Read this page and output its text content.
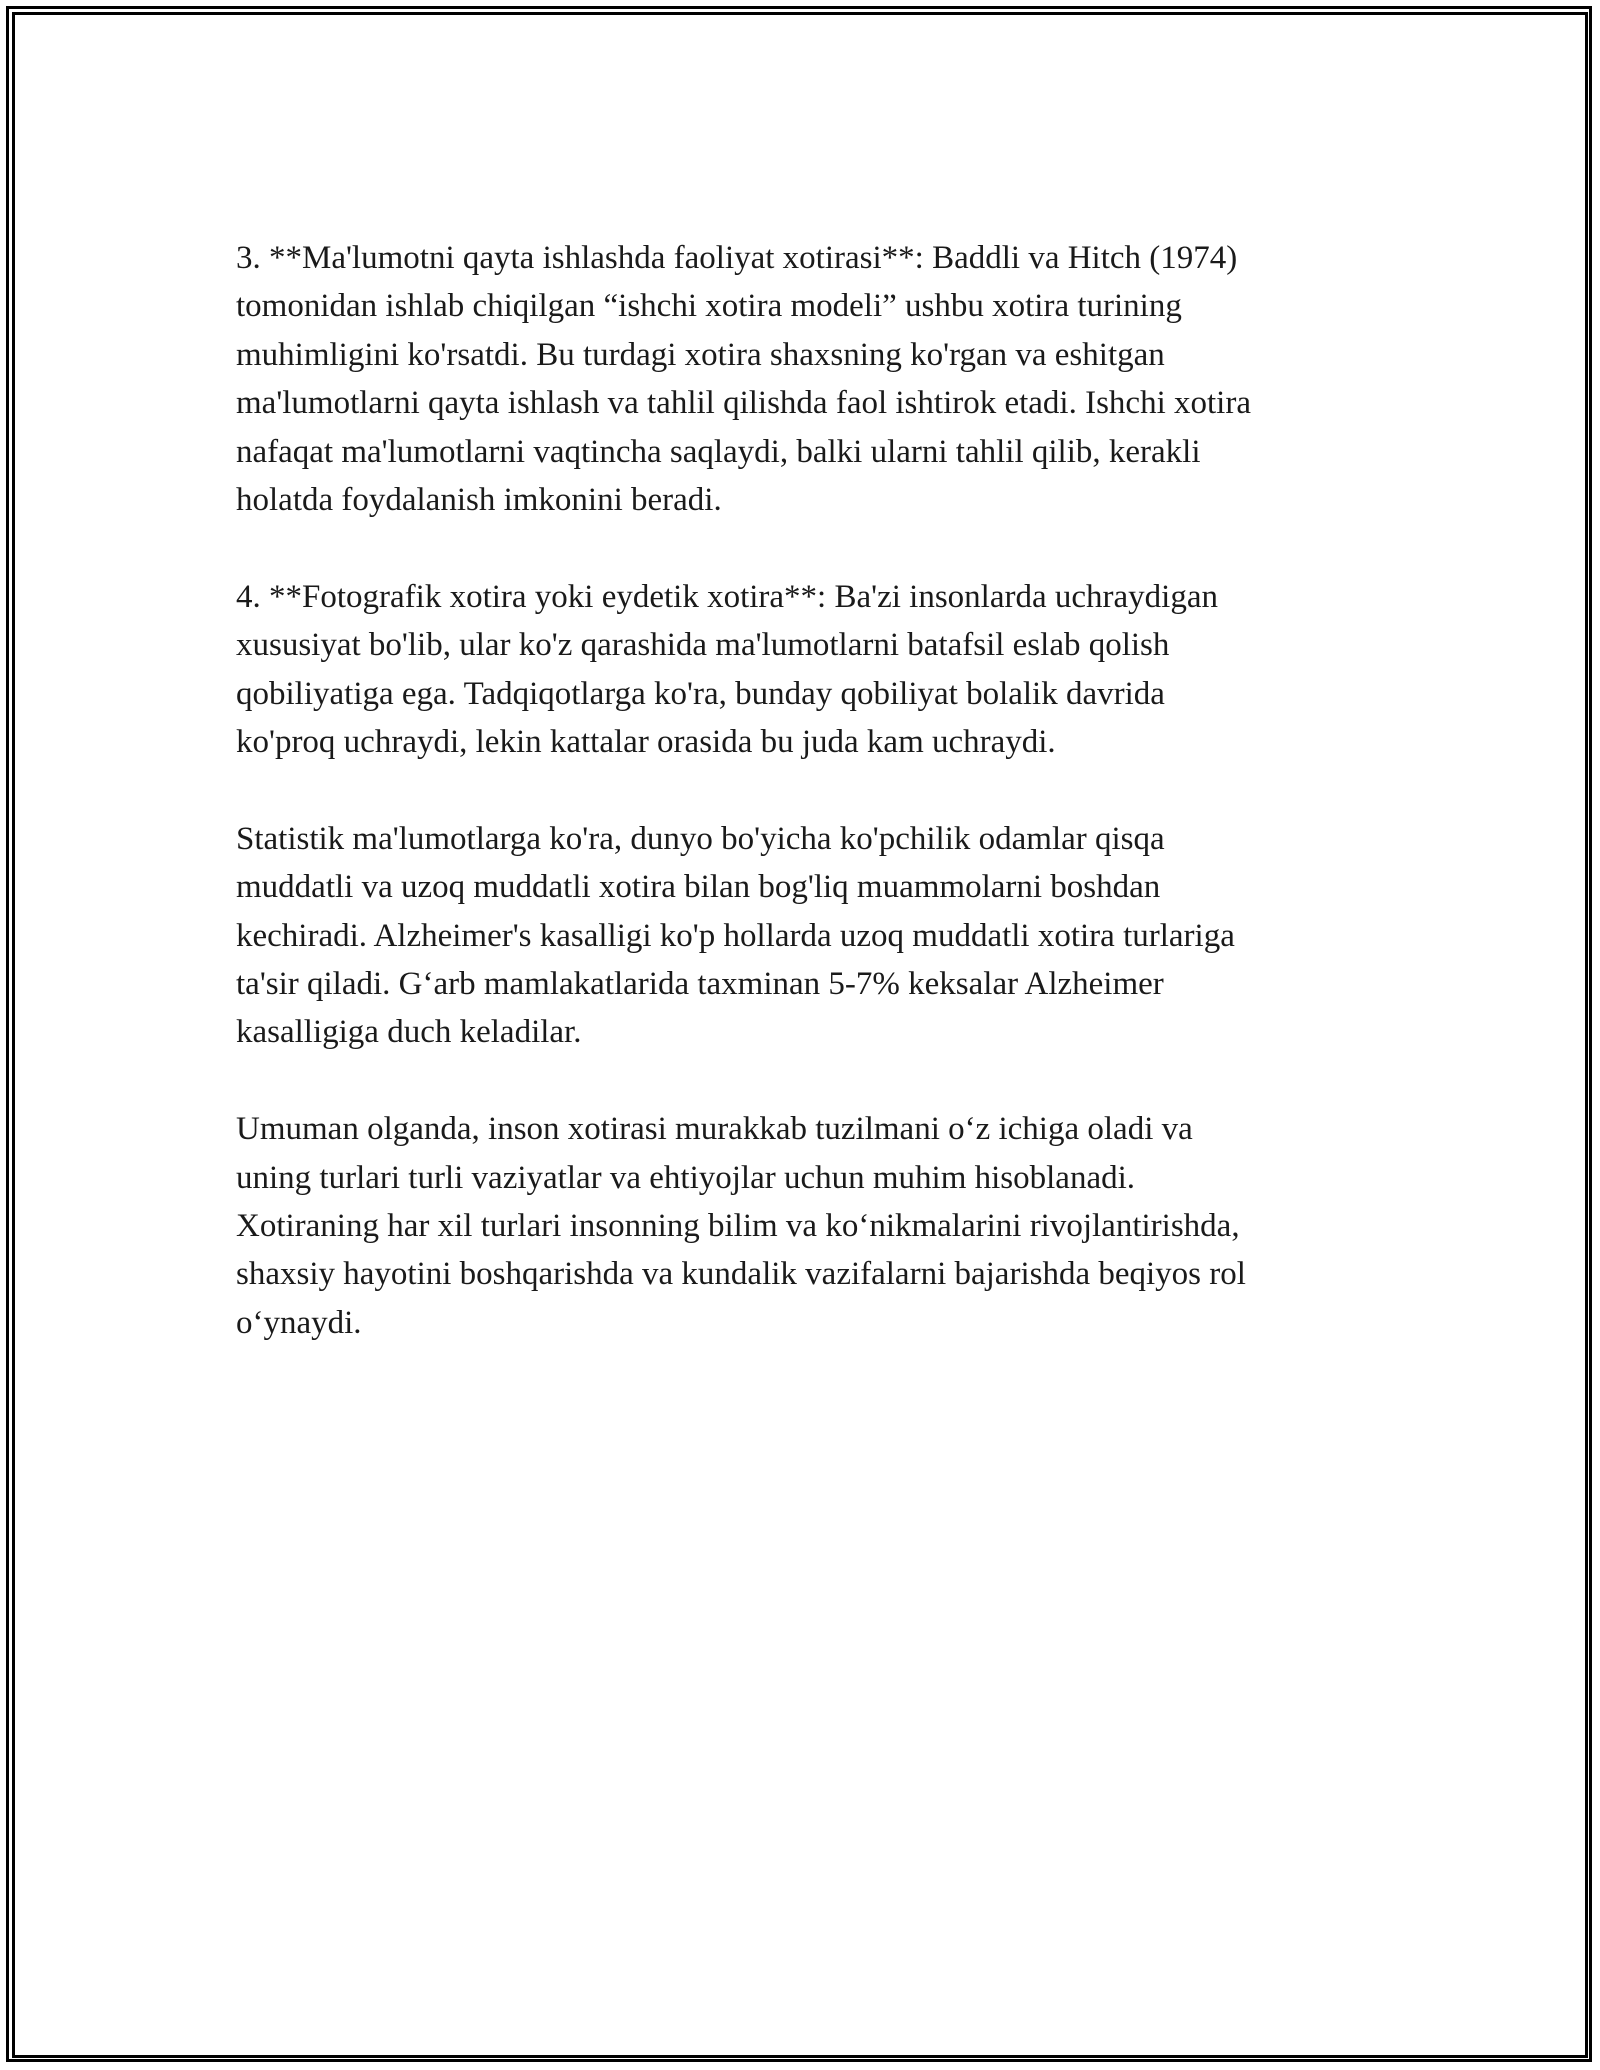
3. **Ma'lumotni qayta ishlashda faoliyat xotirasi**: Baddli va Hitch (1974)
tomonidan ishlab chiqilgan “ishchi xotira modeli” ushbu xotira turining
muhimligini ko'rsatdi. Bu turdagi xotira shaxsning ko'rgan va eshitgan
ma'lumotlarni qayta ishlash va tahlil qilishda faol ishtirok etadi. Ishchi xotira
nafaqat ma'lumotlarni vaqtincha saqlaydi, balki ularni tahlil qilib, kerakli
holatda foydalanish imkonini beradi.

4. **Fotografik xotira yoki eydetik xotira**: Ba'zi insonlarda uchraydigan
xususiyat bo'lib, ular ko'z qarashida ma'lumotlarni batafsil eslab qolish
qobiliyatiga ega. Tadqiqotlarga ko'ra, bunday qobiliyat bolalik davrida
ko'proq uchraydi, lekin kattalar orasida bu juda kam uchraydi.

Statistik ma'lumotlarga ko'ra, dunyo bo'yicha ko'pchilik odamlar qisqa
muddatli va uzoq muddatli xotira bilan bog'liq muammolarni boshdan
kechiradi. Alzheimer's kasalligi ko'p hollarda uzoq muddatli xotira turlariga
ta'sir qiladi. G‘arb mamlakatlarida taxminan 5-7% keksalar Alzheimer
kasalligiga duch keladilar.

Umuman olganda, inson xotirasi murakkab tuzilmani o‘z ichiga oladi va
uning turlari turli vaziyatlar va ehtiyojlar uchun muhim hisoblanadi.
Xotiraning har xil turlari insonning bilim va ko‘nikmalarini rivojlantirishda,
shaxsiy hayotini boshqarishda va kundalik vazifalarni bajarishda beqiyos rol
o‘ynaydi.
